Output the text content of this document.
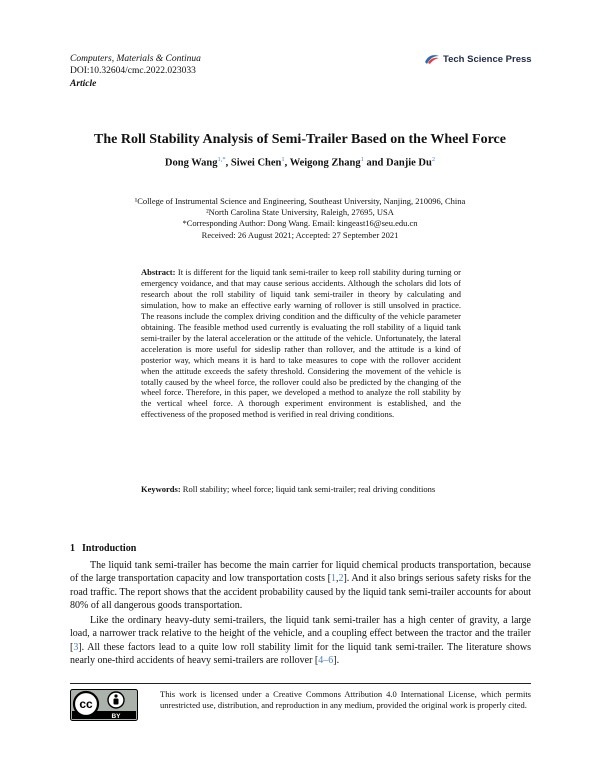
Computers, Materials & Continua
DOI:10.32604/cmc.2022.023033
Article
Tech Science Press
The Roll Stability Analysis of Semi-Trailer Based on the Wheel Force
Dong Wang$^{1,*}$, Siwei Chen$^1$, Weigong Zhang$^1$ and Danjie Du$^2$
¹College of Instrumental Science and Engineering, Southeast University, Nanjing, 210096, China
²North Carolina State University, Raleigh, 27695, USA
*Corresponding Author: Dong Wang. Email: kingeast16@seu.edu.cn
Received: 26 August 2021; Accepted: 27 September 2021
Abstract: It is different for the liquid tank semi-trailer to keep roll stability during turning or emergency voidance, and that may cause serious accidents. Although the scholars did lots of research about the roll stability of liquid tank semi-trailer in theory by calculating and simulation, how to make an effective early warning of rollover is still unsolved in practice. The reasons include the complex driving condition and the difficulty of the vehicle parameter obtaining. The feasible method used currently is evaluating the roll stability of a liquid tank semi-trailer by the lateral acceleration or the attitude of the vehicle. Unfortunately, the lateral acceleration is more useful for sideslip rather than rollover, and the attitude is a kind of posterior way, which means it is hard to take measures to cope with the rollover accident when the attitude exceeds the safety threshold. Considering the movement of the vehicle is totally caused by the wheel force, the rollover could also be predicted by the changing of the wheel force. Therefore, in this paper, we developed a method to analyze the roll stability by the vertical wheel force. A thorough experiment environment is established, and the effectiveness of the proposed method is verified in real driving conditions.
Keywords: Roll stability; wheel force; liquid tank semi-trailer; real driving conditions
1 Introduction
The liquid tank semi-trailer has become the main carrier for liquid chemical products transportation, because of the large transportation capacity and low transportation costs [1,2]. And it also brings serious safety risks for the road traffic. The report shows that the accident probability caused by the liquid tank semi-trailer accounts for about 80% of all dangerous goods transportation.
Like the ordinary heavy-duty semi-trailers, the liquid tank semi-trailer has a high center of gravity, a large load, a narrower track relative to the height of the vehicle, and a coupling effect between the tractor and the trailer [3]. All these factors lead to a quite low roll stability limit for the liquid tank semi-trailer. The literature shows nearly one-third accidents of heavy semi-trailers are rollover [4–6].
cc
BY
This work is licensed under a Creative Commons Attribution 4.0 International License, which permits unrestricted use, distribution, and reproduction in any medium, provided the original work is properly cited.
